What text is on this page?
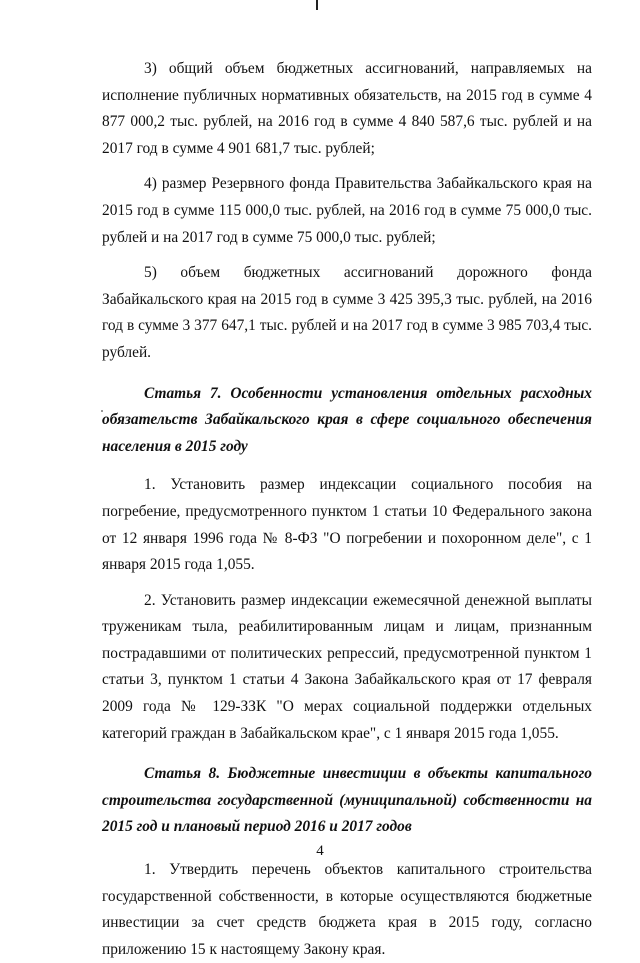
3) общий объем бюджетных ассигнований, направляемых на исполнение публичных нормативных обязательств, на 2015 год в сумме 4 877 000,2 тыс. рублей, на 2016 год в сумме 4 840 587,6 тыс. рублей и на 2017 год в сумме 4 901 681,7 тыс. рублей;

4) размер Резервного фонда Правительства Забайкальского края на 2015 год в сумме 115 000,0 тыс. рублей, на 2016 год в сумме 75 000,0 тыс. рублей и на 2017 год в сумме 75 000,0 тыс. рублей;

5) объем бюджетных ассигнований дорожного фонда Забайкальского края на 2015 год в сумме 3 425 395,3 тыс. рублей, на 2016 год в сумме 3 377 647,1 тыс. рублей и на 2017 год в сумме 3 985 703,4 тыс. рублей.

Статья 7. Особенности установления отдельных расходных обязательств Забайкальского края в сфере социального обеспечения населения в 2015 году

1. Установить размер индексации социального пособия на погребение, предусмотренного пунктом 1 статьи 10 Федерального закона от 12 января 1996 года № 8-ФЗ "О погребении и похоронном деле", с 1 января 2015 года 1,055.

2. Установить размер индексации ежемесячной денежной выплаты труженикам тыла, реабилитированным лицам и лицам, признанным пострадавшими от политических репрессий, предусмотренной пунктом 1 статьи 3, пунктом 1 статьи 4 Закона Забайкальского края от 17 февраля 2009 года № 129-ЗЗК "О мерах социальной поддержки отдельных категорий граждан в Забайкальском крае", с 1 января 2015 года 1,055.

Статья 8. Бюджетные инвестиции в объекты капитального строительства государственной (муниципальной) собственности на 2015 год и плановый период 2016 и 2017 годов

1. Утвердить перечень объектов капитального строительства государственной собственности, в которые осуществляются бюджетные инвестиции за счет средств бюджета края в 2015 году, согласно приложению 15 к настоящему Закону края.

4
